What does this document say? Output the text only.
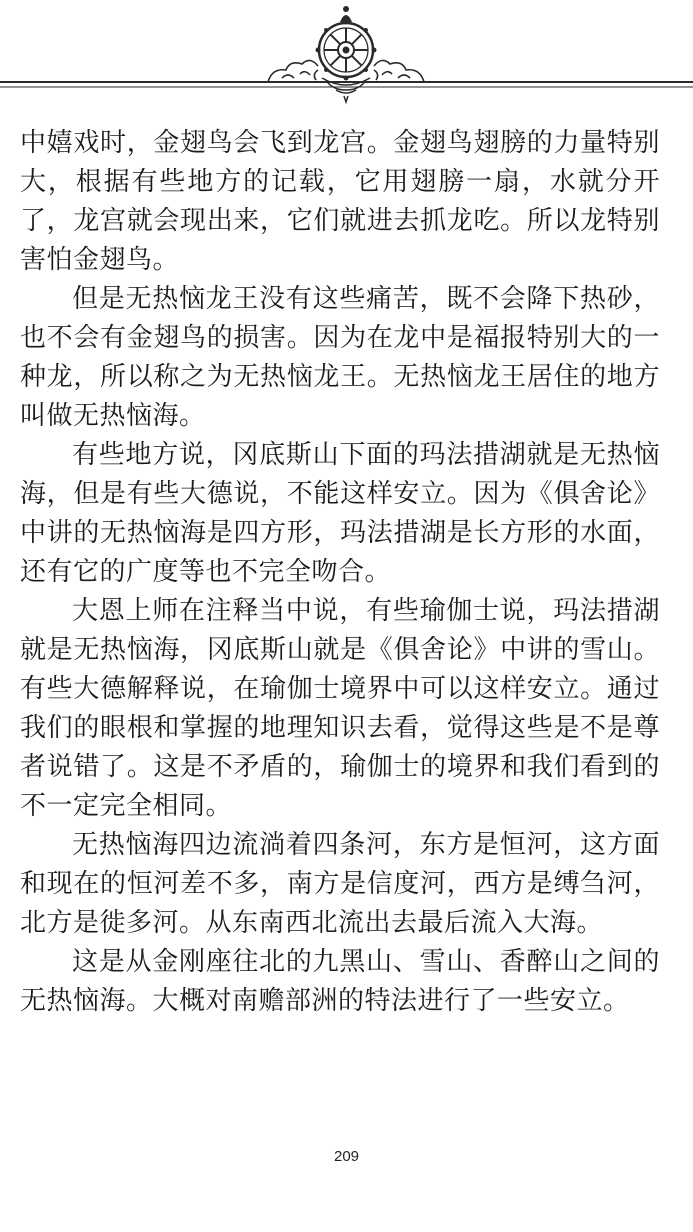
中嬉戏时，金翅鸟会飞到龙宫。金翅鸟翅膀的力量特别大，根据有些地方的记载，它用翅膀一扇，水就分开了，龙宫就会现出来，它们就进去抓龙吃。所以龙特别害怕金翅鸟。

但是无热恼龙王没有这些痛苦，既不会降下热砂，也不会有金翅鸟的损害。因为在龙中是福报特别大的一种龙，所以称之为无热恼龙王。无热恼龙王居住的地方叫做无热恼海。

有些地方说，冈底斯山下面的玛法措湖就是无热恼海，但是有些大德说，不能这样安立。因为《俱舍论》中讲的无热恼海是四方形，玛法措湖是长方形的水面，还有它的广度等也不完全吻合。

大恩上师在注释当中说，有些瑜伽士说，玛法措湖就是无热恼海，冈底斯山就是《俱舍论》中讲的雪山。有些大德解释说，在瑜伽士境界中可以这样安立。通过我们的眼根和掌握的地理知识去看，觉得这些是不是尊者说错了。这是不矛盾的，瑜伽士的境界和我们看到的不一定完全相同。

无热恼海四边流淌着四条河，东方是恒河，这方面和现在的恒河差不多，南方是信度河，西方是缚刍河，北方是徙多河。从东南西北流出去最后流入大海。

这是从金刚座往北的九黑山、雪山、香醉山之间的无热恼海。大概对南赡部洲的特法进行了一些安立。

209
